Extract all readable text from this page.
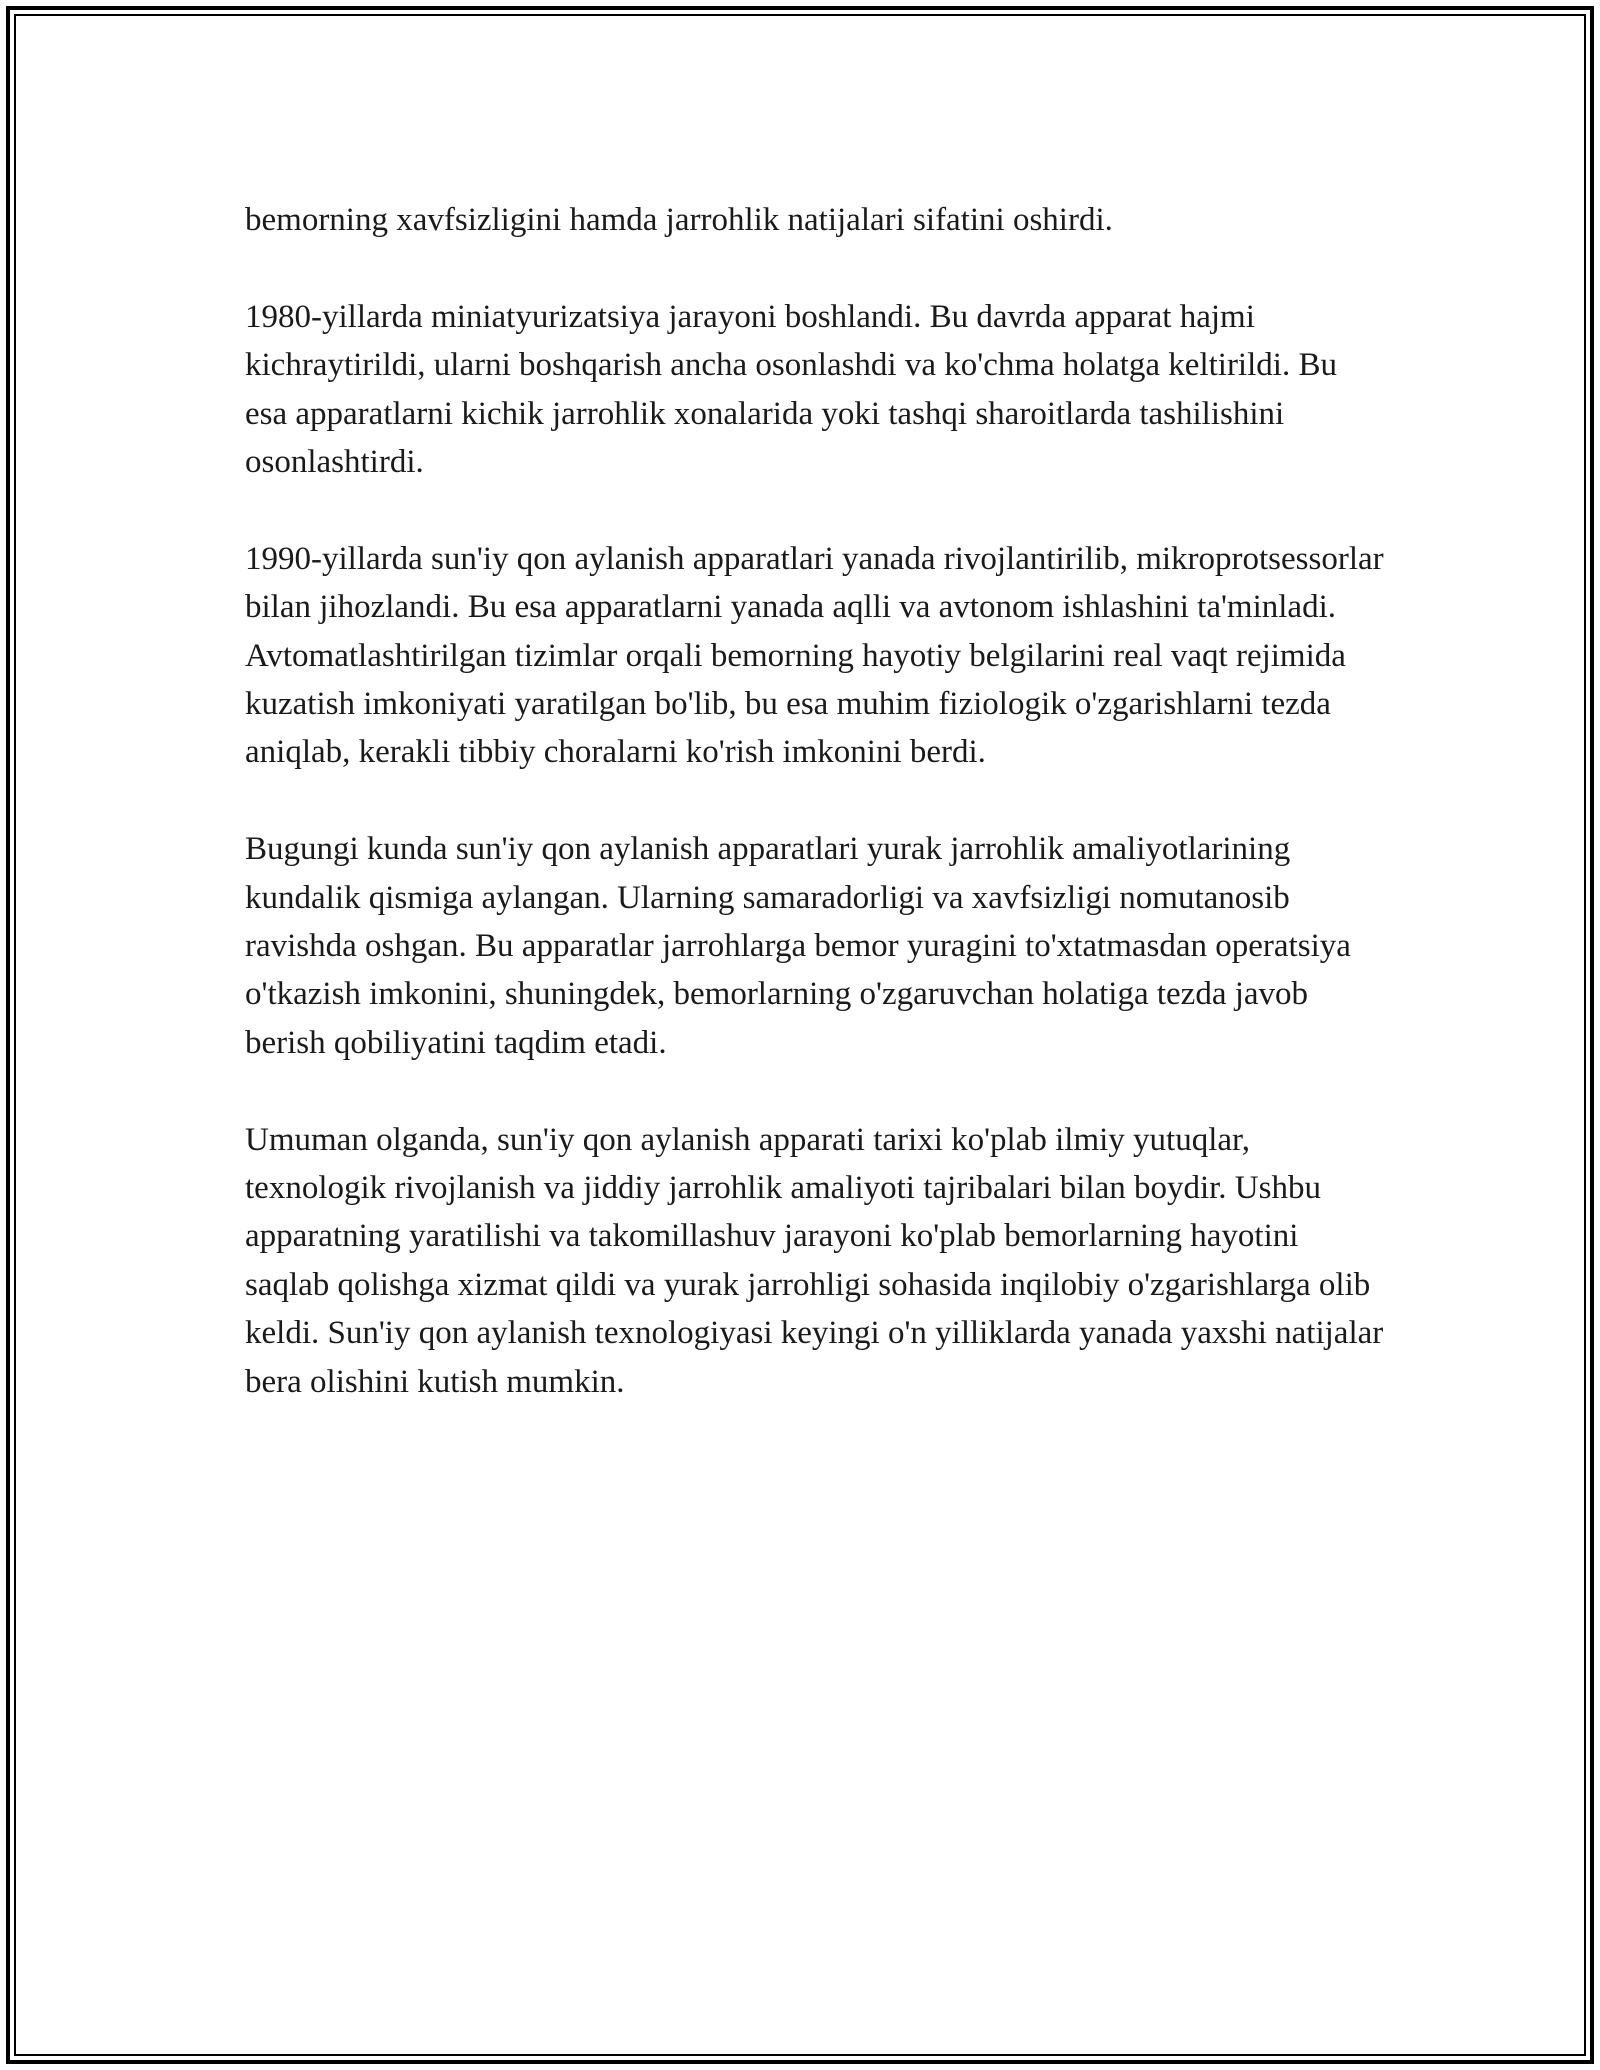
bemorning xavfsizligini hamda jarrohlik natijalari sifatini oshirdi.

1980-yillarda miniatyurizatsiya jarayoni boshlandi. Bu davrda apparat hajmi kichraytirildi, ularni boshqarish ancha osonlashdi va ko'chma holatga keltirildi. Bu esa apparatlarni kichik jarrohlik xonalarida yoki tashqi sharoitlarda tashilishini osonlashtirdi.

1990-yillarda sun'iy qon aylanish apparatlari yanada rivojlantirilib, mikroprotsessorlar bilan jihozlandi. Bu esa apparatlarni yanada aqlli va avtonom ishlashini ta'minladi. Avtomatlashtirilgan tizimlar orqali bemorning hayotiy belgilarini real vaqt rejimida kuzatish imkoniyati yaratilgan bo'lib, bu esa muhim fiziologik o'zgarishlarni tezda aniqlab, kerakli tibbiy choralarni ko'rish imkonini berdi.

Bugungi kunda sun'iy qon aylanish apparatlari yurak jarrohlik amaliyotlarining kundalik qismiga aylangan. Ularning samaradorligi va xavfsizligi nomutanosib ravishda oshgan. Bu apparatlar jarrohlarga bemor yuragini to'xtatmasdan operatsiya o'tkazish imkonini, shuningdek, bemorlarning o'zgaruvchan holatiga tezda javob berish qobiliyatini taqdim etadi.

Umuman olganda, sun'iy qon aylanish apparati tarixi ko'plab ilmiy yutuqlar, texnologik rivojlanish va jiddiy jarrohlik amaliyoti tajribalari bilan boydir. Ushbu apparatning yaratilishi va takomillashuv jarayoni ko'plab bemorlarning hayotini saqlab qolishga xizmat qildi va yurak jarrohligi sohasida inqilobiy o'zgarishlarga olib keldi. Sun'iy qon aylanish texnologiyasi keyingi o'n yilliklarda yanada yaxshi natijalar bera olishini kutish mumkin.
